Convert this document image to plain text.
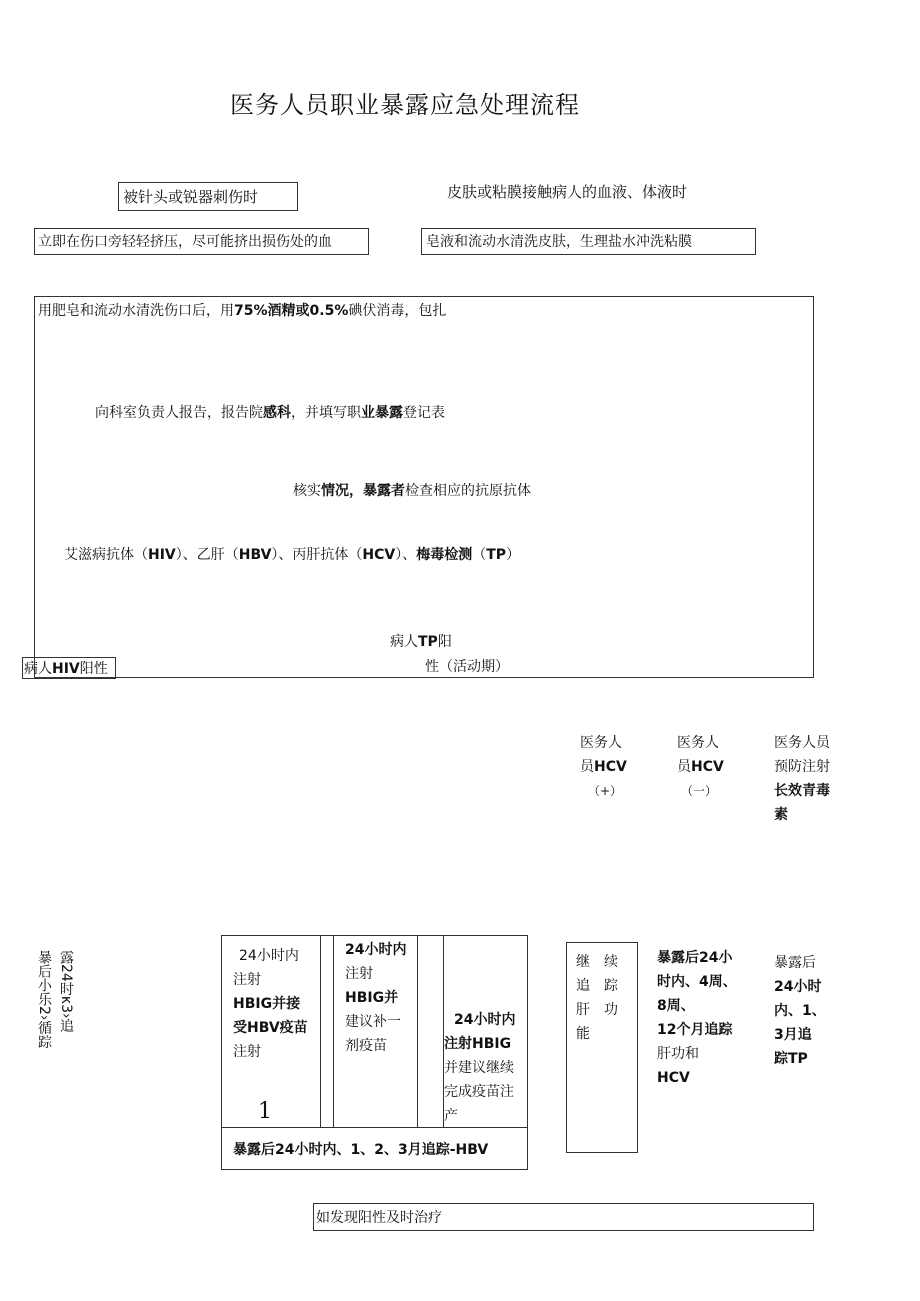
医务人员职业暴露应急处理流程
被针头或锐器刺伤时
立即在伤口旁轻轻挤压，尽可能挤出损伤处的血
皮肤或粘膜接触病人的血液、体液时
皂液和流动水清洗皮肤，生理盐水冲洗粘膜
用肥皂和流动水清洗伤口后，用75%酒精或0.5%碘伏消毒，包扎
向科室负责人报告，报告院感科，并填写职业暴露登记表
核实情况，暴露者检查相应的抗原抗体
艾滋病抗体（HIV）、乙肝（HBV）、丙肝抗体（HCV）、梅毒检测（TP）
病人TP阳
性（活动期）
病人HIV阳性
医务人
员HCV
（+）
医务人
员HCV
（一）
医务人员
预防注射
长效青毒
素
露24时κ3›追
暴后小乐2›循踪	24小时内
注射
HBIG并接
受HBV疫苗
注射
1
24小时内
注射
HBIG并
建议补一
剂疫苗
24小时内
注射HBIG
并建议继续
完成疫苗注
产
暴露后24小时内、1、2、3月追踪-HBV
继　续
追　踪
肝　功
能
暴露后24小
时内、4周、
8周、
12个月追踪
肝功和
HCV
暴露后
24小时
内、1、
3月追
踪TP
如发现阳性及时治疗
